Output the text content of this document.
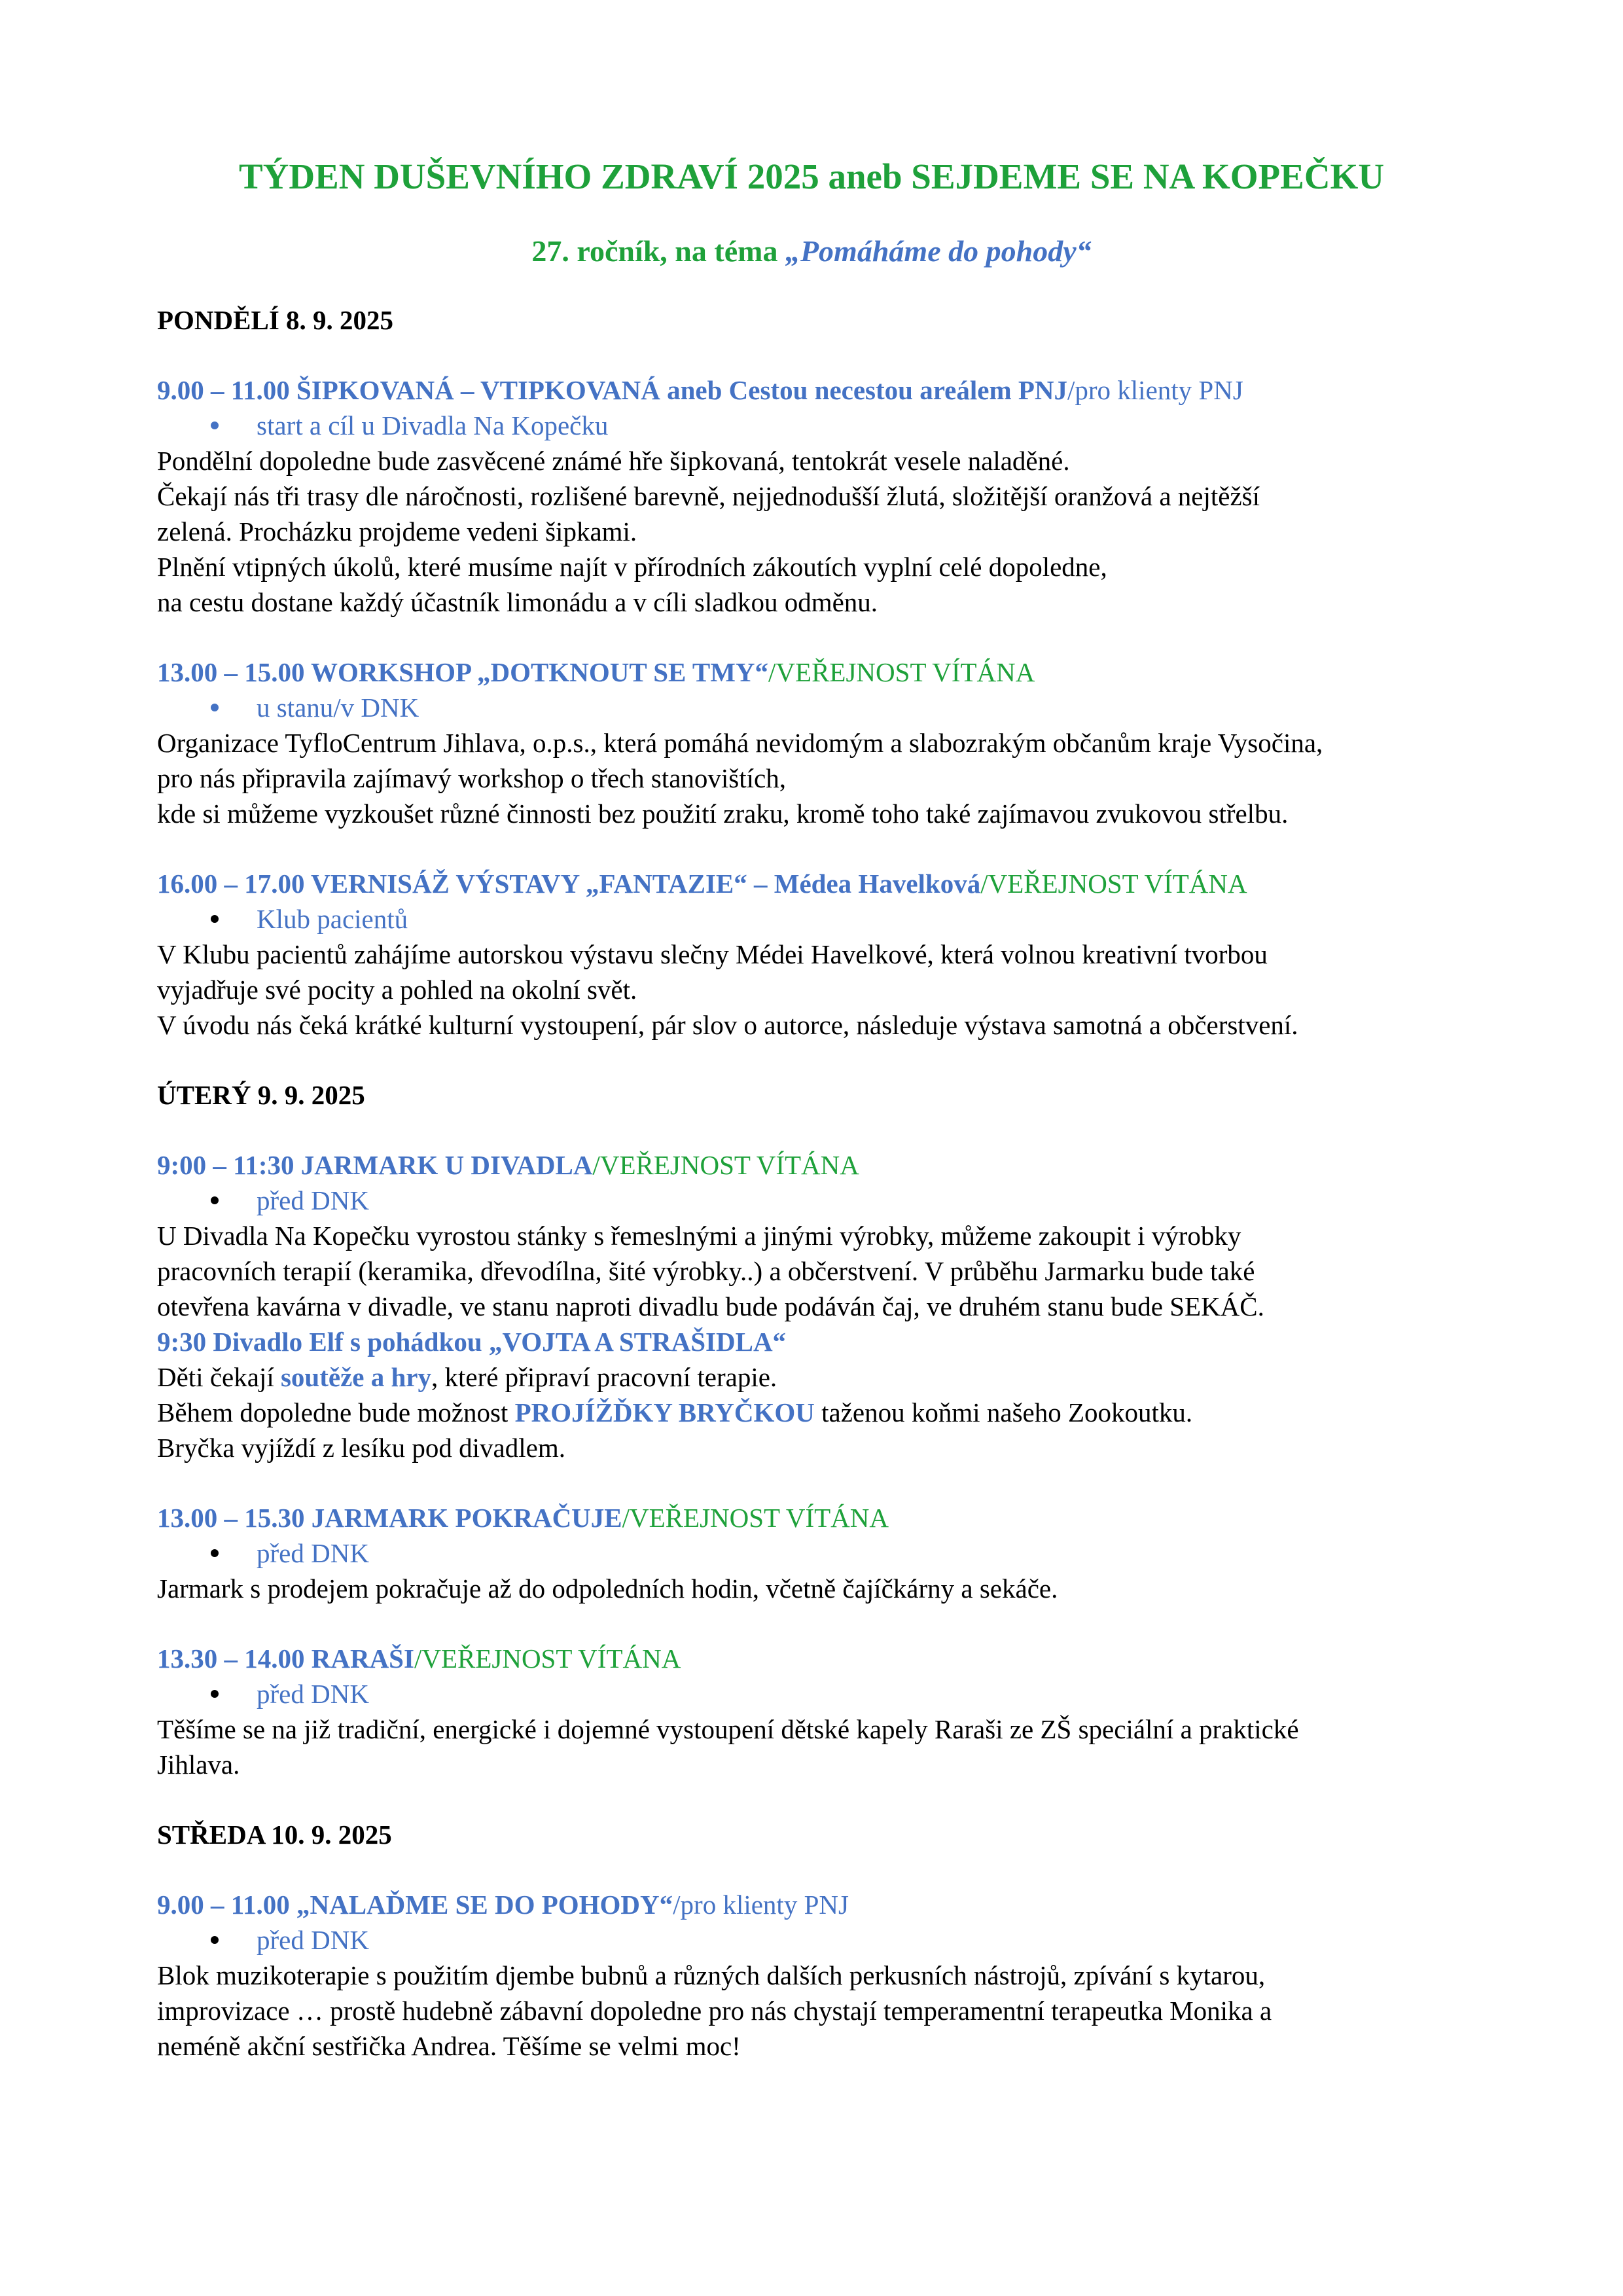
TÝDEN DUŠEVNÍHO ZDRAVÍ 2025 aneb SEJDEME SE NA KOPEČKU
27. ročník, na téma „Pomáháme do pohody“
PONDĚLÍ 8. 9. 2025
9.00 – 11.00 ŠIPKOVANÁ – VTIPKOVANÁ aneb Cestou necestou areálem PNJ/pro klienty PNJ
start a cíl u Divadla Na Kopečku
Pondělní dopoledne bude zasvěcené známé hře šipkovaná, tentokrát vesele naladěné.
Čekají nás tři trasy dle náročnosti, rozlišené barevně, nejjednodušší žlutá, složitější oranžová a nejtěžší
zelená. Procházku projdeme vedeni šipkami.
Plnění vtipných úkolů, které musíme najít v přírodních zákoutích vyplní celé dopoledne,
na cestu dostane každý účastník limonádu a v cíli sladkou odměnu.
13.00 – 15.00 WORKSHOP „DOTKNOUT SE TMY“/VEŘEJNOST VÍTÁNA
u stanu/v DNK
Organizace TyfloCentrum Jihlava, o.p.s., která pomáhá nevidomým a slabozrakým občanům kraje Vysočina,
pro nás připravila zajímavý workshop o třech stanovištích,
kde si můžeme vyzkoušet různé činnosti bez použití zraku, kromě toho také zajímavou zvukovou střelbu.
16.00 – 17.00 VERNISÁŽ VÝSTAVY „FANTAZIE“ – Médea Havelková/VEŘEJNOST VÍTÁNA
Klub pacientů
V Klubu pacientů zahájíme autorskou výstavu slečny Médei Havelkové, která volnou kreativní tvorbou
vyjadřuje své pocity a pohled na okolní svět.
V úvodu nás čeká krátké kulturní vystoupení, pár slov o autorce, následuje výstava samotná a občerstvení.
ÚTERÝ 9. 9. 2025
9:00 – 11:30 JARMARK U DIVADLA/VEŘEJNOST VÍTÁNA
před DNK
U Divadla Na Kopečku vyrostou stánky s řemeslnými a jinými výrobky, můžeme zakoupit i výrobky
pracovních terapií (keramika, dřevodílna, šité výrobky..) a občerstvení. V průběhu Jarmarku bude také
otevřena kavárna v divadle, ve stanu naproti divadlu bude podáván čaj, ve druhém stanu bude SEKÁČ.
9:30 Divadlo Elf s pohádkou „VOJTA A STRAŠIDLA“
Děti čekají soutěže a hry, které připraví pracovní terapie.
Během dopoledne bude možnost PROJÍŽĎKY BRYČKOU taženou koňmi našeho Zookoutku.
Bryčka vyjíždí z lesíku pod divadlem.
13.00 – 15.30 JARMARK POKRAČUJE/VEŘEJNOST VÍTÁNA
před DNK
Jarmark s prodejem pokračuje až do odpoledních hodin, včetně čajíčkárny a sekáče.
13.30 – 14.00 RARAŠI/VEŘEJNOST VÍTÁNA
před DNK
Těšíme se na již tradiční, energické i dojemné vystoupení dětské kapely Raraši ze ZŠ speciální a praktické
Jihlava.
STŘEDA 10. 9. 2025
9.00 – 11.00 „NALAĎME SE DO POHODY“/pro klienty PNJ
před DNK
Blok muzikoterapie s použitím djembe bubnů a různých dalších perkusních nástrojů, zpívání s kytarou,
improvizace … prostě hudebně zábavní dopoledne pro nás chystají temperamentní terapeutka Monika a
neméně akční sestřička Andrea. Těšíme se velmi moc!
